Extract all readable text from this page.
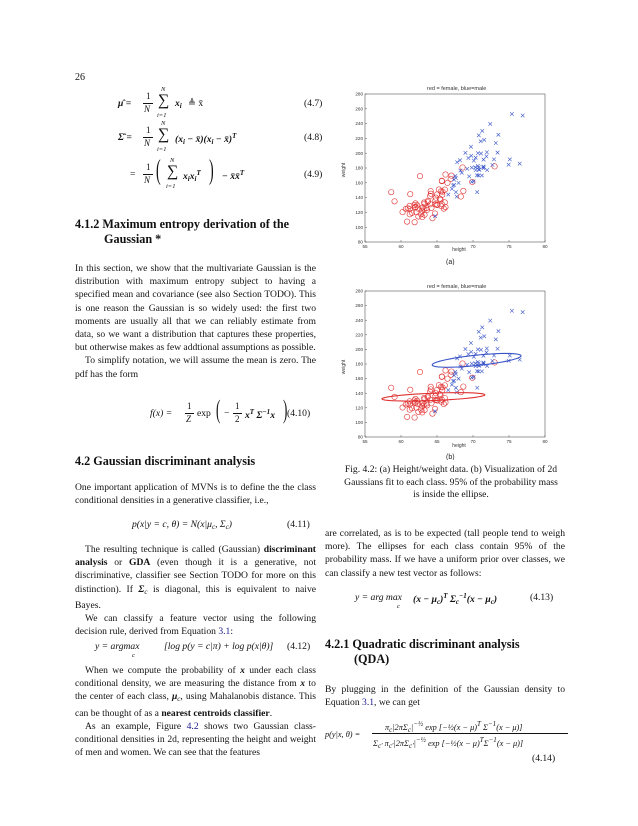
26
μ̂ =
1
N
N
∑
i=1
$x_i$ ≜ x̄	(4.7)
Σ̂ =
1
N
N
∑
i=1
($x_i$ − $x̄)(x_i$ − x̄)$^T$	(4.8)
=
1
N ( N
∑
i=1
$x_ix_i^T$ ) − x̄x̄$^T$	(4.9)
4.1.2 Maximum entropy derivation of the
Gaussian *

In this section, we show that the multivariate Gaussian is the distribution with maximum entropy subject to having a specified mean and covariance (see also Section TODO). This is one reason the Gaussian is so widely used: the first two moments are usually all that we can reliably estimate from data, so we want a distribution that captures these properties, but otherwise makes as few addtional assumptions as possible.

To simplify notation, we will assume the mean is zero. The pdf has the form

f(x) =
1
Z exp ( −
1
2 $x^T$ $\Sigma^{-1}x$ ) (4.10)
4.2 Gaussian discriminant analysis

One important application of MVNs is to define the the class conditional densities in a generative classifier, i.e.,

p(x|y = c, $\theta) = N(x|\mu_c$, $\Sigma_c$)	(4.11)

The resulting technique is called (Gaussian) discriminant analysis or GDA (even though it is a generative, not discriminative, classifier see Section TODO for more on this distinction). If $\Sigma_c$ is diagonal, this is equivalent to naive Bayes.

We can classify a feature vector using the following decision rule, derived from Equation 3.1:

y = argmax
c
[log p(y = c|π) + log p(x|θ)] (4.12)

When we compute the probability of x under each class conditional density, we are measuring the distance from x to the center of each class, $\mu_c$, using Mahalanobis distance. This can be thought of as a nearest centroids classifier.

As an example, Figure 4.2 shows two Gaussian class-conditional densities in 2d, representing the height and weight of men and women. We can see that the features

red = female, blue=male
55	60	65	70	75	80
80
100
120
140
160
180
200
220
240
260
280
height
weight
(a)
red = female, blue=male
55	60	65	70	75	80
80
100
120
140
160
180
200
220
240
260
280
height
weight
(b)
Fig. 4.2: (a) Height/weight data. (b) Visualization of 2d Gaussians fit to each class. 95% of the probability mass is inside the ellipse.

are correlated, as is to be expected (tall people tend to weigh more). The ellipses for each class contain 95% of the probability mass. If we have a uniform prior over classes, we can classify a new test vector as follows:

y = arg max
c
$(x - \mu_c)^T$ $\Sigma_c^{-1}(x - \mu_c)$	(4.13)
4.2.1 Quadratic discriminant analysis
(QDA)

By plugging in the definition of the Gaussian density to Equation 3.1, we can get

p(y|x, θ) =
$\pi_c|2\pi\Sigma_c|^{-\frac{1}{2}}$ exp [−½(x − μ)$^T$ $\Sigma^{-1}(x - \mu)$]
$\Sigma_{c'}$ $\pi_{c'}|2\pi\Sigma_{c'}|^{-\frac{1}{2}}$ exp [−½(x − $\mu)^T\Sigma^{-1}(x - \mu)$]
(4.14)
